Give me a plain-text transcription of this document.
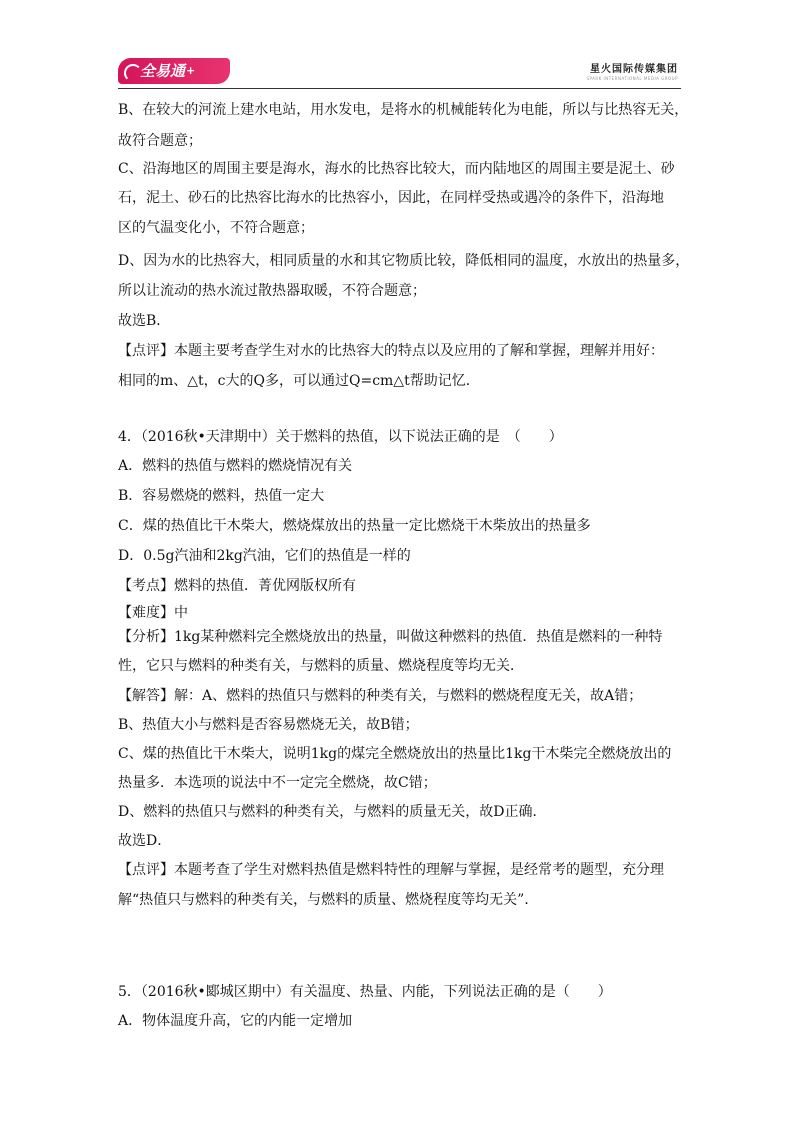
全易通+	星火国际传媒集团
SPARK INTERNATIONAL MEDIA GROUP
B、在较大的河流上建水电站，用水发电，是将水的机械能转化为电能，所以与比热容无关，
故符合题意；
C、沿海地区的周围主要是海水，海水的比热容比较大，而内陆地区的周围主要是泥土、砂
石，泥土、砂石的比热容比海水的比热容小，因此，在同样受热或遇冷的条件下，沿海地
区的气温变化小，不符合题意；
D、因为水的比热容大，相同质量的水和其它物质比较，降低相同的温度，水放出的热量多，
所以让流动的热水流过散热器取暖，不符合题意；
故选B．
【点评】本题主要考查学生对水的比热容大的特点以及应用的了解和掌握，理解并用好：
相同的m、△t，c大的Q多，可以通过Q=cm△t帮助记忆．
4．（2016秋•天津期中）关于燃料的热值，以下说法正确的是　（　　）
A．燃料的热值与燃料的燃烧情况有关
B．容易燃烧的燃料，热值一定大
C．煤的热值比干木柴大，燃烧煤放出的热量一定比燃烧干木柴放出的热量多
D．0.5g汽油和2kg汽油，它们的热值是一样的
【考点】燃料的热值．菁优网版权所有
【难度】中
【分析】1kg某种燃料完全燃烧放出的热量，叫做这种燃料的热值．热值是燃料的一种特
性，它只与燃料的种类有关，与燃料的质量、燃烧程度等均无关．
【解答】解：A、燃料的热值只与燃料的种类有关，与燃料的燃烧程度无关，故A错；
B、热值大小与燃料是否容易燃烧无关，故B错；
C、煤的热值比干木柴大，说明1kg的煤完全燃烧放出的热量比1kg干木柴完全燃烧放出的
热量多．本选项的说法中不一定完全燃烧，故C错；
D、燃料的热值只与燃料的种类有关，与燃料的质量无关，故D正确．
故选D．
【点评】本题考查了学生对燃料热值是燃料特性的理解与掌握，是经常考的题型，充分理
解“热值只与燃料的种类有关，与燃料的质量、燃烧程度等均无关”．
5．（2016秋•郾城区期中）有关温度、热量、内能，下列说法正确的是（　　）
A．物体温度升高，它的内能一定增加
